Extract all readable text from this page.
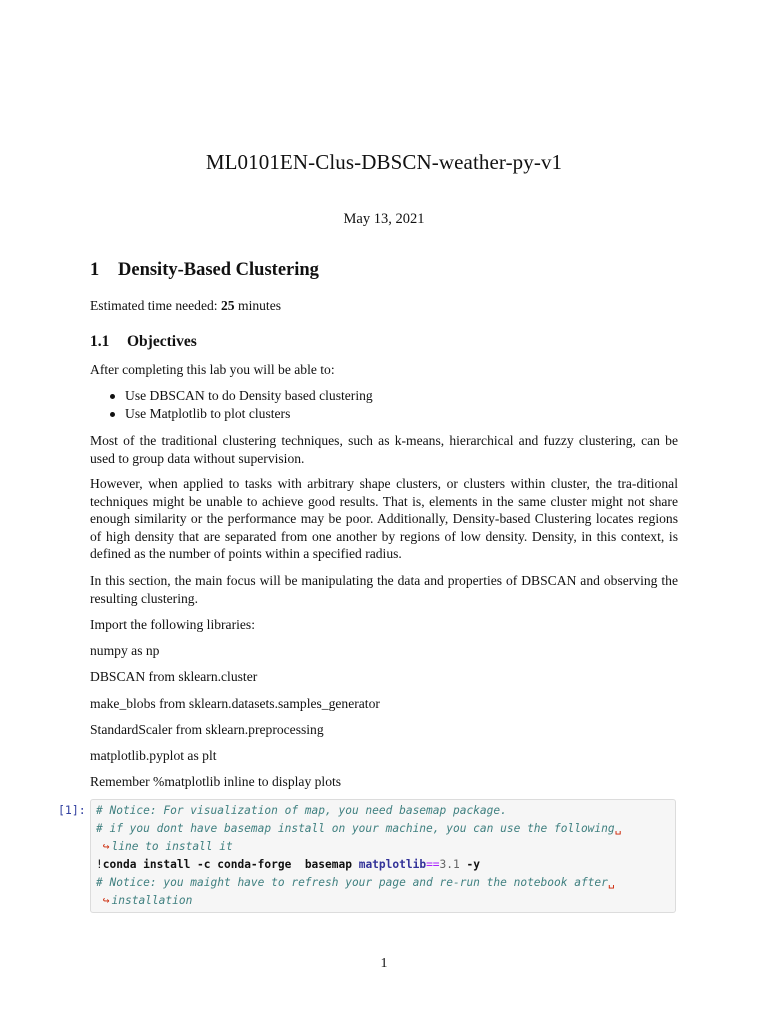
ML0101EN-Clus-DBSCN-weather-py-v1
May 13, 2021
1 Density-Based Clustering
Estimated time needed: 25 minutes
1.1 Objectives
After completing this lab you will be able to:
Use DBSCAN to do Density based clustering
Use Matplotlib to plot clusters
Most of the traditional clustering techniques, such as k-means, hierarchical and fuzzy clustering, can be used to group data without supervision.
However, when applied to tasks with arbitrary shape clusters, or clusters within cluster, the tra-ditional techniques might be unable to achieve good results. That is, elements in the same cluster might not share enough similarity or the performance may be poor. Additionally, Density-based Clustering locates regions of high density that are separated from one another by regions of low density. Density, in this context, is defined as the number of points within a specified radius.
In this section, the main focus will be manipulating the data and properties of DBSCAN and observing the resulting clustering.
Import the following libraries:
numpy as np
DBSCAN from sklearn.cluster
make_blobs from sklearn.datasets.samples_generator
StandardScaler from sklearn.preprocessing
matplotlib.pyplot as plt
Remember %matplotlib inline to display plots
[1]: # Notice: For visualization of map, you need basemap package.
# if you dont have basemap install on your machine, you can use the following␣
↪ line to install it
!conda install -c conda-forge  basemap matplotlib==3.1 -y
# Notice: you maight have to refresh your page and re-run the notebook after␣
↪ installation
1
